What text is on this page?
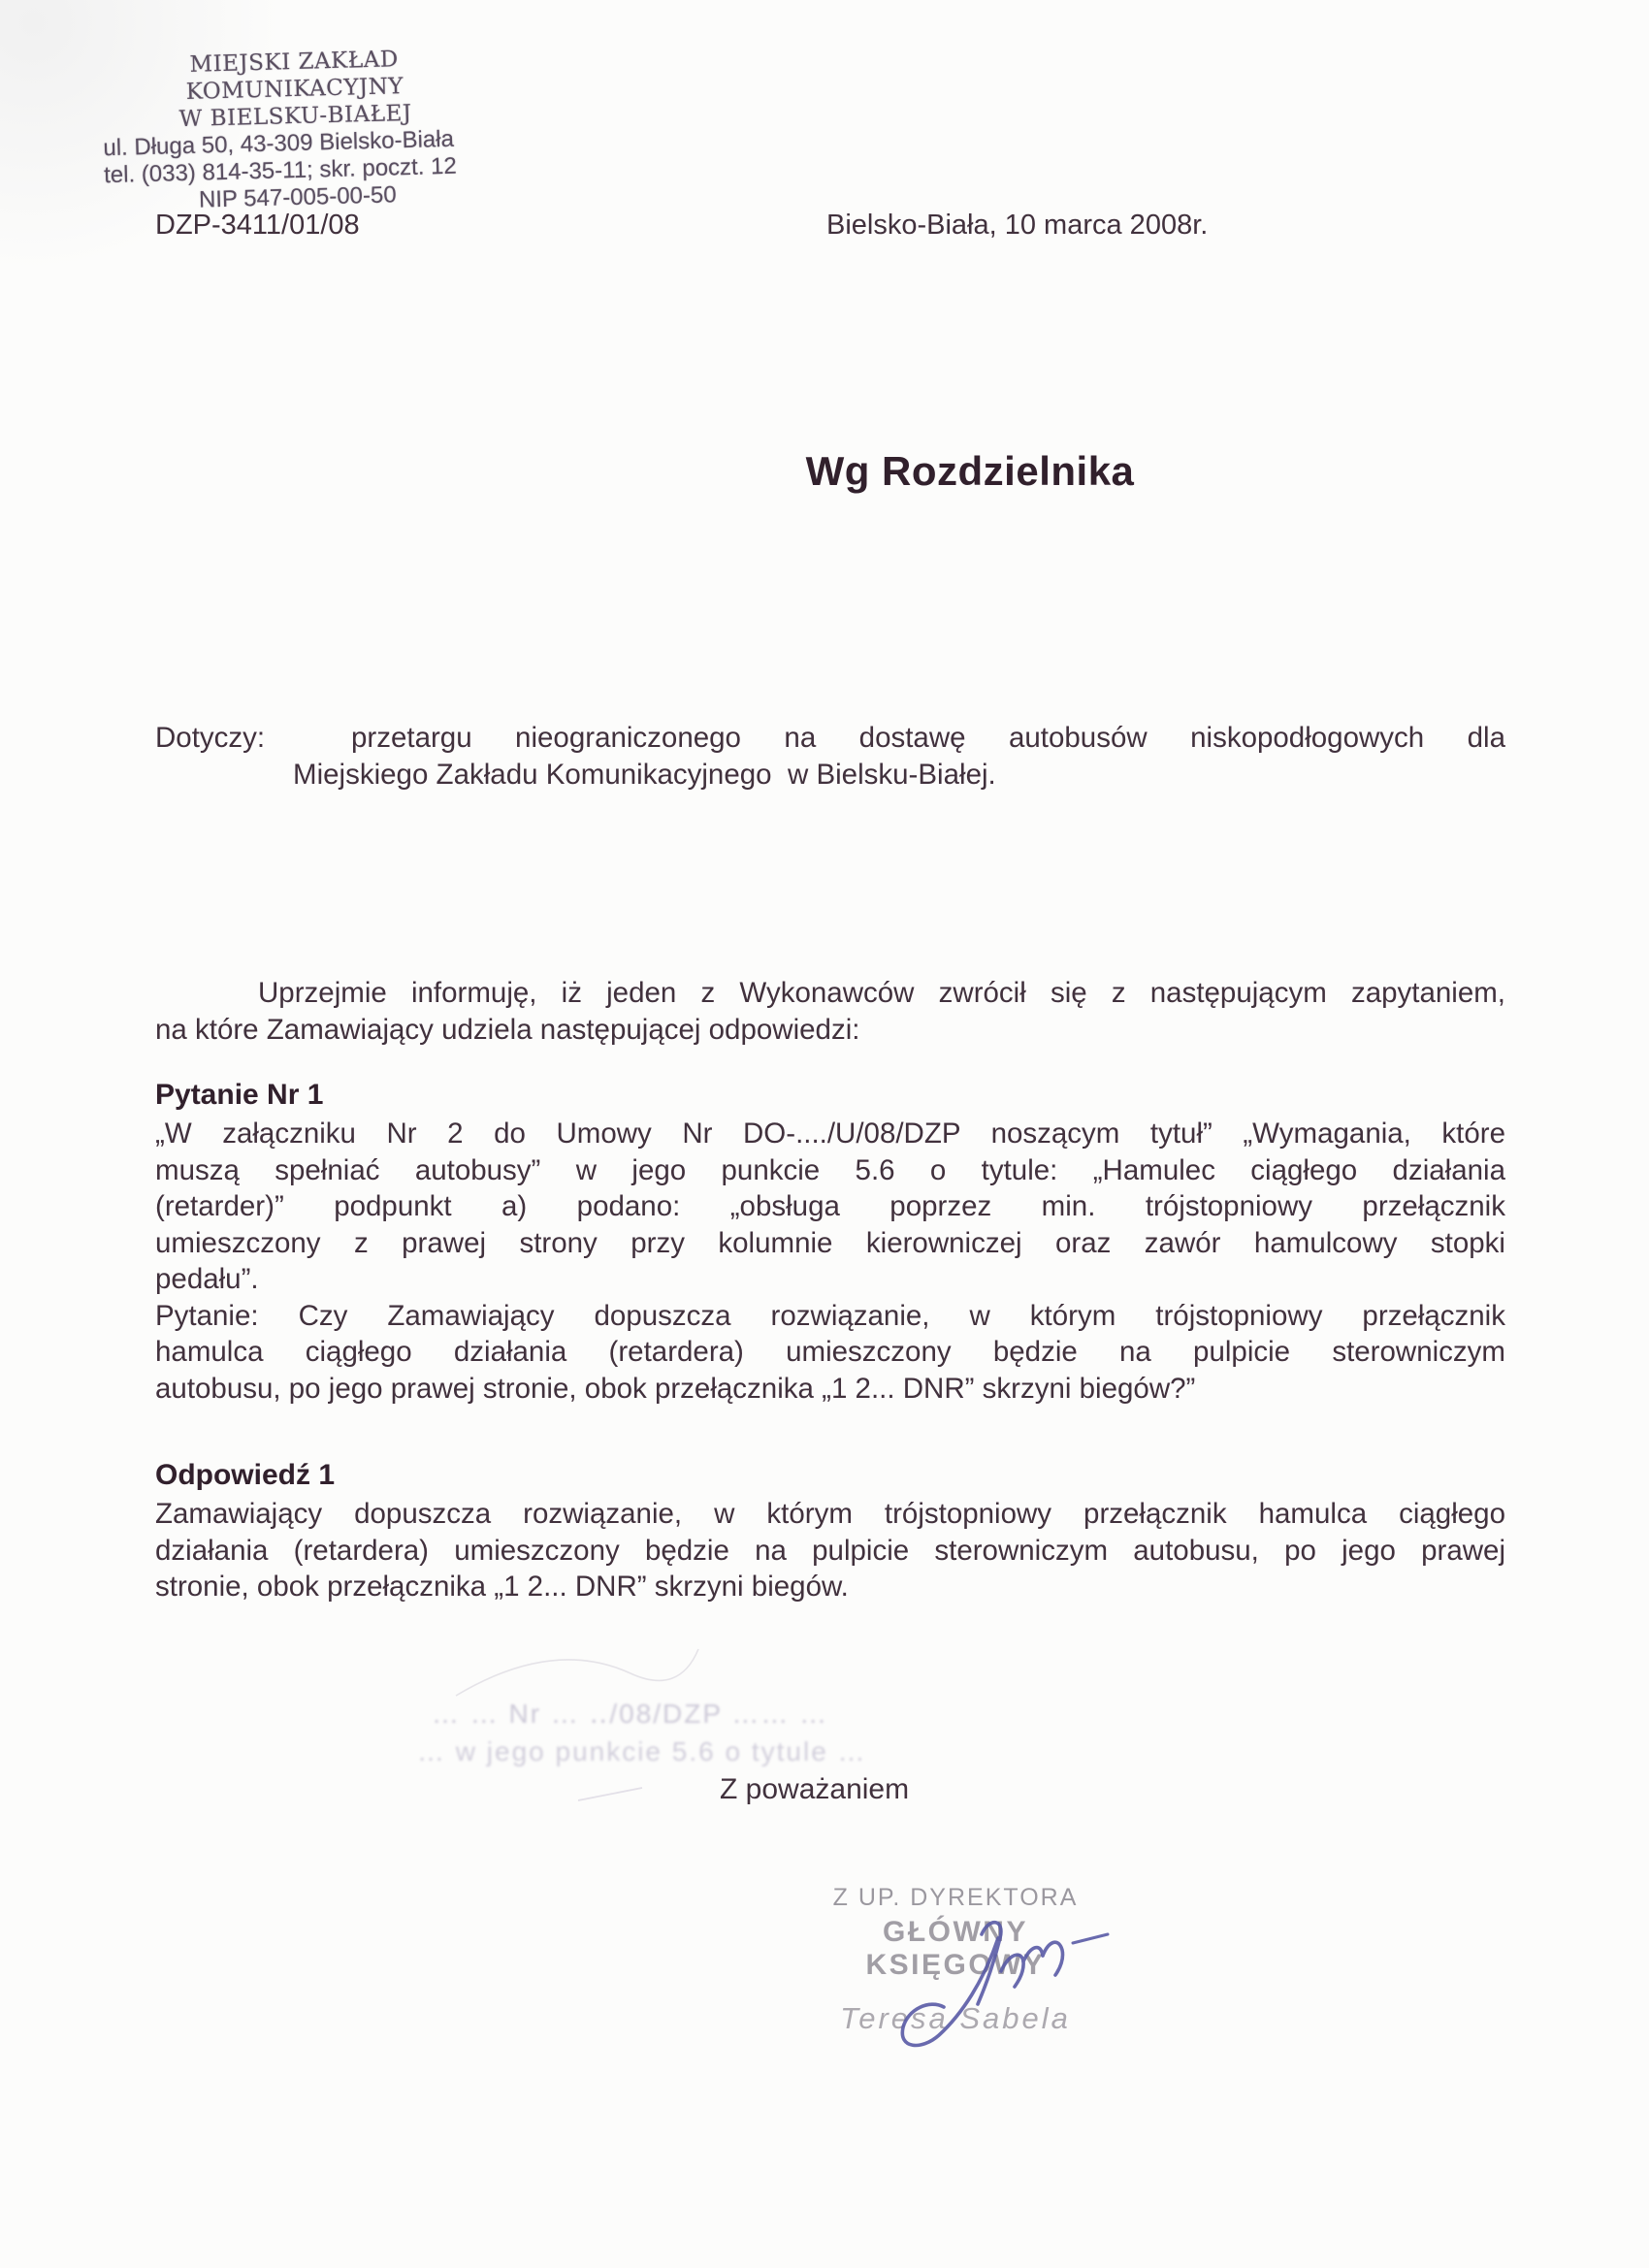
MIEJSKI ZAKŁAD KOMUNIKACYJNY
W BIELSKU-BIAŁEJ
ul. Długa 50, 43-309 Bielsko-Biała
tel. (033) 814-35-11; skr. poczt. 12
NIP 547-005-00-50
DZP-3411/01/08	Bielsko-Biała, 10 marca 2008r.
Wg Rozdzielnika
Dotyczy:  przetargu nieograniczonego na dostawę autobusów niskopodłogowych dla
Miejskiego Zakładu Komunikacyjnego  w Bielsku-Białej.
Uprzejmie informuję, iż jeden z Wykonawców zwrócił się z następującym zapytaniem,
na które Zamawiający udziela następującej odpowiedzi:
Pytanie Nr 1
„W załączniku Nr 2 do Umowy Nr DO-..../U/08/DZP noszącym tytuł” „Wymagania, które
muszą spełniać autobusy” w jego punkcie 5.6 o tytule: „Hamulec ciągłego działania
(retarder)” podpunkt a) podano: „obsługa poprzez min. trójstopniowy przełącznik
umieszczony z prawej strony przy kolumnie kierowniczej oraz zawór hamulcowy stopki
pedału”.
Pytanie: Czy Zamawiający dopuszcza rozwiązanie, w którym trójstopniowy przełącznik
hamulca ciągłego działania (retardera) umieszczony będzie na pulpicie sterowniczym
autobusu, po jego prawej stronie, obok przełącznika „1 2... DNR” skrzyni biegów?”
Odpowiedź 1
Zamawiający dopuszcza rozwiązanie, w którym trójstopniowy przełącznik hamulca ciągłego
działania (retardera) umieszczony będzie na pulpicie sterowniczym autobusu, po jego prawej
stronie, obok przełącznika „1 2... DNR” skrzyni biegów.
… … Nr … ‥/08/DZP …… …
… w jego punkcie 5.6 o tytule …
Z poważaniem
Z UP. DYREKTORA
GŁÓWNY KSIĘGOWY
Teresa Sabela
